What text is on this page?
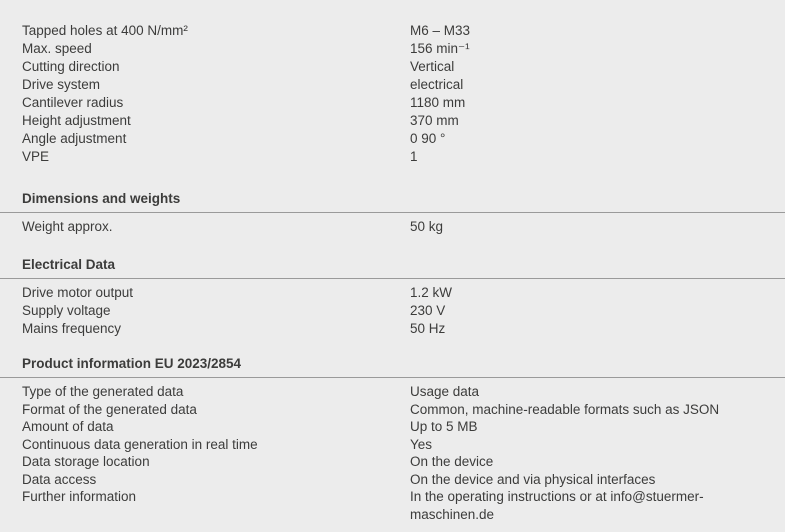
Tapped holes at 400 N/mm²	M6 – M33
Max. speed	156 min⁻¹
Cutting direction	Vertical
Drive system	electrical
Cantilever radius	1180 mm
Height adjustment	370 mm
Angle adjustment	0 90 °
VPE	1
Dimensions and weights
Weight approx.	50 kg
Electrical Data
Drive motor output	1.2 kW
Supply voltage	230 V
Mains frequency	50 Hz
Product information EU 2023/2854
Type of the generated data	Usage data
Format of the generated data	Common, machine-readable formats such as JSON
Amount of data	Up to 5 MB
Continuous data generation in real time	Yes
Data storage location	On the device
Data access	On the device and via physical interfaces
Further information	In the operating instructions or at info@stuermer-maschinen.de
